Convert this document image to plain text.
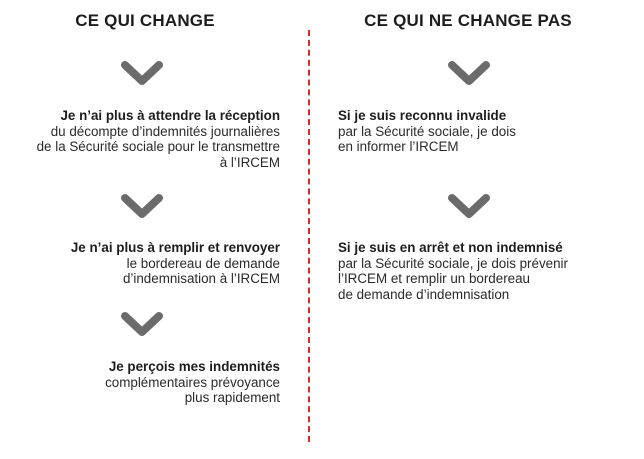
CE QUI CHANGE	CE QUI NE CHANGE PAS

Je n’ai plus à attendre la réception

du décompte d’indemnités journalières

de la Sécurité sociale pour le transmettre

à l’IRCEM

Je n’ai plus à remplir et renvoyer

le bordereau de demande

d’indemnisation à l’IRCEM

Je perçois mes indemnités

complémentaires prévoyance

plus rapidement

Si je suis reconnu invalide

par la Sécurité sociale, je dois

en informer l’IRCEM

Si je suis en arrêt et non indemnisé

par la Sécurité sociale, je dois prévenir

l’IRCEM et remplir un bordereau

de demande d’indemnisation
